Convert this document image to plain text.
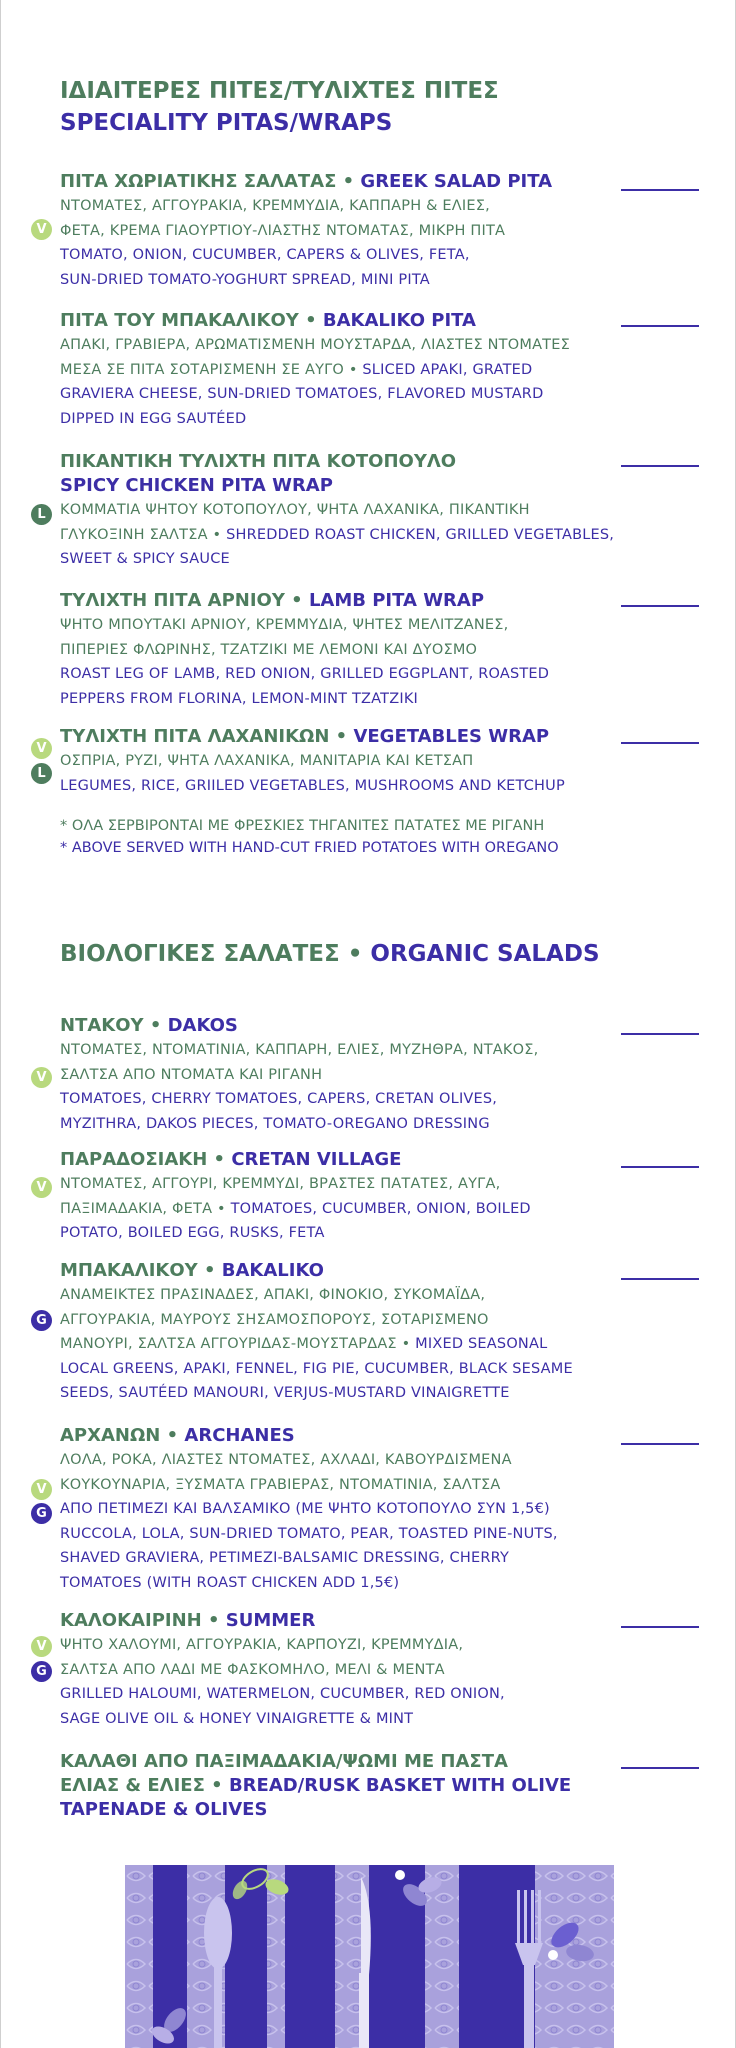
ΙΔΙΑΙΤΕΡΕΣ ΠΙΤΕΣ/ΤΥΛΙΧΤΕΣ ΠΙΤΕΣ
SPECIALITY PITAS/WRAPS
V
ΠΙΤΑ ΧΩΡΙΑΤΙΚΗΣ ΣΑΛΑΤΑΣ • GREEK SALAD PITA
ΝΤΟΜΑΤΕΣ, ΑΓΓΟΥΡΑΚΙΑ, ΚΡΕΜΜΥΔΙΑ, ΚΑΠΠΑΡΗ & ΕΛΙΕΣ,
ΦΕΤΑ, ΚΡΕΜΑ ΓΙΑΟΥΡΤΙΟΥ-ΛΙΑΣΤΗΣ ΝΤΟΜΑΤΑΣ, ΜΙΚΡΗ ΠΙΤΑ
TOMATO, ONION, CUCUMBER, CAPERS & OLIVES, FETA,
SUN-DRIED TOMATO-YOGHURT SPREAD, MINI PITA
ΠΙΤΑ ΤΟΥ ΜΠΑΚΑΛΙΚΟΥ • BAKALIKO PITA
ΑΠΑΚΙ, ΓΡΑΒΙΕΡΑ, ΑΡΩΜΑΤΙΣΜΕΝΗ ΜΟΥΣΤΑΡΔΑ, ΛΙΑΣΤΕΣ ΝΤΟΜΑΤΕΣ
ΜΕΣΑ ΣΕ ΠΙΤΑ ΣΟΤΑΡΙΣΜΕΝΗ ΣΕ ΑΥΓΟ • SLICED APAKI, GRATED
GRAVIERA CHEESE, SUN-DRIED TOMATOES, FLAVORED MUSTARD
DIPPED IN EGG SAUTÉED
L
ΠΙΚΑΝΤΙΚΗ ΤΥΛΙΧΤΗ ΠΙΤΑ ΚΟΤΟΠΟΥΛΟ
SPICY CHICKEN PITA WRAP
ΚΟΜΜΑΤΙΑ ΨΗΤΟΥ ΚΟΤΟΠΟΥΛΟΥ, ΨΗΤΑ ΛΑΧΑΝΙΚΑ, ΠΙΚΑΝΤΙΚΗ
ΓΛΥΚΟΞΙΝΗ ΣΑΛΤΣΑ • SHREDDED ROAST CHICKEN, GRILLED VEGETABLES,
SWEET & SPICY SAUCE
ΤΥΛΙΧΤΗ ΠΙΤΑ ΑΡΝΙΟΥ • LAMB PITA WRAP
ΨΗΤΟ ΜΠΟΥΤΑΚΙ ΑΡΝΙΟΥ, ΚΡΕΜΜΥΔΙΑ, ΨΗΤΕΣ ΜΕΛΙΤΖΑΝΕΣ,
ΠΙΠΕΡΙΕΣ ΦΛΩΡΙΝΗΣ, ΤΖΑΤΖΙΚΙ ΜΕ ΛΕΜΟΝΙ ΚΑΙ ΔΥΟΣΜΟ
ROAST LEG OF LAMB, RED ONION, GRILLED EGGPLANT, ROASTED
PEPPERS FROM FLORINA, LEMON-MINT TZATZIKI
V
L
ΤΥΛΙΧΤΗ ΠΙΤΑ ΛΑΧΑΝΙΚΩΝ • VEGETABLES WRAP
ΟΣΠΡΙΑ, ΡΥΖΙ, ΨΗΤΑ ΛΑΧΑΝΙΚΑ, ΜΑΝΙΤΑΡΙΑ ΚΑΙ ΚΕΤΣΑΠ
LEGUMES, RICE, GRIILED VEGETABLES, MUSHROOMS AND KETCHUP
* ΟΛΑ ΣΕΡΒΙΡΟΝΤΑΙ ΜΕ ΦΡΕΣΚΙΕΣ ΤΗΓΑΝΙΤΕΣ ΠΑΤΑΤΕΣ ΜΕ ΡΙΓΑΝΗ
* ABOVE SERVED WITH HAND-CUT FRIED POTATOES WITH OREGANO
ΒΙΟΛΟΓΙΚΕΣ ΣΑΛΑΤΕΣ • ORGANIC SALADS
V
ΝΤΑΚΟΥ • DAKOS
ΝΤΟΜΑΤΕΣ, ΝΤΟΜΑΤΙΝΙΑ, ΚΑΠΠΑΡΗ, ΕΛΙΕΣ, ΜΥΖΗΘΡΑ, ΝΤΑΚΟΣ,
ΣΑΛΤΣΑ ΑΠΟ ΝΤΟΜΑΤΑ ΚΑΙ ΡΙΓΑΝΗ
TOMATOES, CHERRY TOMATOES, CAPERS, CRETAN OLIVES,
MYZITHRA, DAKOS PIECES, TOMATO-OREGANO DRESSING
V
ΠΑΡΑΔΟΣΙΑΚΗ • CRETAN VILLAGE
ΝΤΟΜΑΤΕΣ, ΑΓΓΟΥΡΙ, ΚΡΕΜΜΥΔΙ, ΒΡΑΣΤΕΣ ΠΑΤΑΤΕΣ, ΑΥΓΑ,
ΠΑΞΙΜΑΔΑΚΙΑ, ΦΕΤΑ • TOMATOES, CUCUMBER, ONION, BOILED
POTATO, BOILED EGG, RUSKS, FETA
G
ΜΠΑΚΑΛΙΚΟΥ • BAKALIKO
ΑΝΑΜΕΙΚΤΕΣ ΠΡΑΣΙΝΑΔΕΣ, ΑΠΑΚΙ, ΦΙΝΟΚΙΟ, ΣΥΚΟΜΑΪΔΑ,
ΑΓΓΟΥΡΑΚΙΑ, ΜΑΥΡΟΥΣ ΣΗΣΑΜΟΣΠΟΡΟΥΣ, ΣΟΤΑΡΙΣΜΕΝΟ
ΜΑΝΟΥΡΙ, ΣΑΛΤΣΑ ΑΓΓΟΥΡΙΔΑΣ-ΜΟΥΣΤΑΡΔΑΣ • MIXED SEASONAL
LOCAL GREENS, APAKI, FENNEL, FIG PIE, CUCUMBER, BLACK SESAME
SEEDS, SAUTÉED MANOURI, VERJUS-MUSTARD VINAIGRETTE
V
G
ΑΡΧΑΝΩΝ • ARCHANES
ΛΟΛΑ, ΡΟΚΑ, ΛΙΑΣΤΕΣ ΝΤΟΜΑΤΕΣ, ΑΧΛΑΔΙ, ΚΑΒΟΥΡΔΙΣΜΕΝΑ
ΚΟΥΚΟΥΝΑΡΙΑ, ΞΥΣΜΑΤΑ ΓΡΑΒΙΕΡΑΣ, ΝΤΟΜΑΤΙΝΙΑ, ΣΑΛΤΣΑ
ΑΠΟ ΠΕΤΙΜΕΖΙ ΚΑΙ ΒΑΛΣΑΜΙΚΟ (ΜΕ ΨΗΤΟ ΚΟΤΟΠΟΥΛΟ ΣΥΝ 1,5€)
RUCCOLA, LOLA, SUN-DRIED TOMATO, PEAR, TOASTED PINE-NUTS,
SHAVED GRAVIERA, PETIMEZI-BALSAMIC DRESSING, CHERRY
TOMATOES (WITH ROAST CHICKEN ADD 1,5€)
V
G
ΚΑΛΟΚΑΙΡΙΝΗ • SUMMER
ΨΗΤΟ ΧΑΛΟΥΜΙ, ΑΓΓΟΥΡΑΚΙΑ, ΚΑΡΠΟΥΖΙ, ΚΡΕΜΜΥΔΙΑ,
ΣΑΛΤΣΑ ΑΠΟ ΛΑΔΙ ΜΕ ΦΑΣΚΟΜΗΛΟ, ΜΕΛΙ & ΜΕΝΤΑ
GRILLED HALOUMI, WATERMELON, CUCUMBER, RED ONION,
SAGE OLIVE OIL & HONEY VINAIGRETTE & MINT
ΚΑΛΑΘΙ ΑΠΟ ΠΑΞΙΜΑΔΑΚΙΑ/ΨΩΜΙ ΜΕ ΠΑΣΤΑ
ΕΛΙΑΣ & ΕΛΙΕΣ • BREAD/RUSK BASKET WITH OLIVE
TAPENADE & OLIVES
